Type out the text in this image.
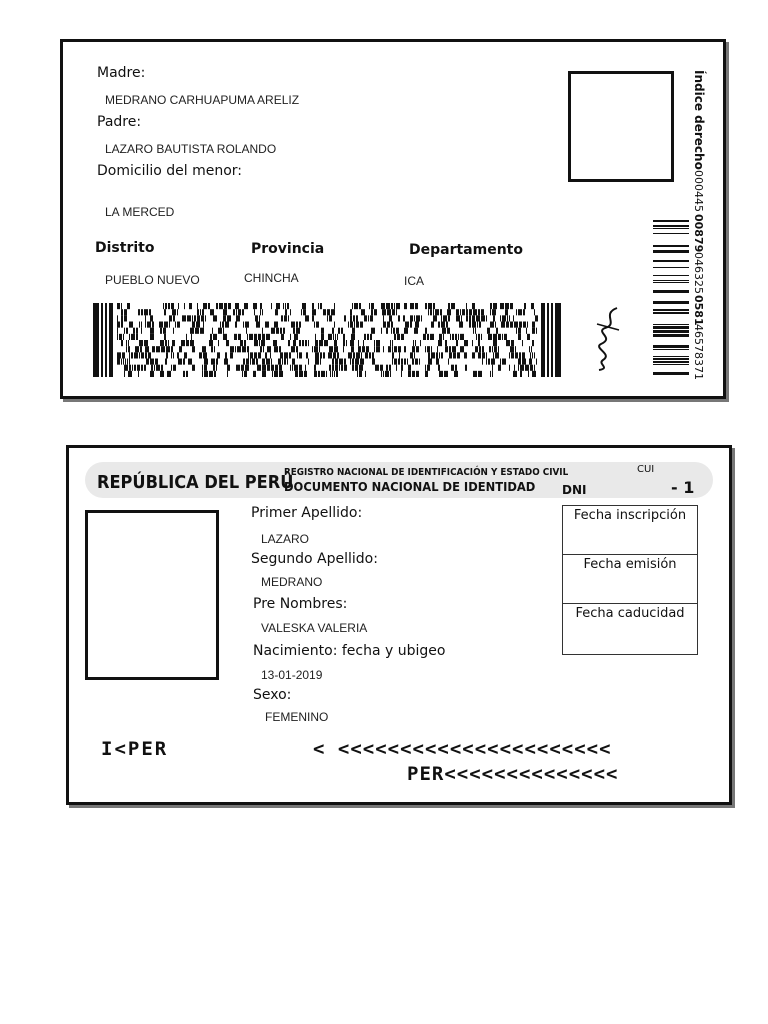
Madre:
MEDRANO CARHUAPUMA ARELIZ
Padre:
LAZARO BAUTISTA ROLANDO
Domicilio del menor:
LA MERCED
Distrito	Provincia	Departamento
PUEBLO NUEVO	CHINCHA	ICA
Índice derecho
000445
00879
046325
0581
46578371
REPÚBLICA DEL PERÚ
REGISTRO NACIONAL DE IDENTIFICACIÓN Y ESTADO CIVIL
DOCUMENTO NACIONAL DE IDENTIDAD
CUI
DNI	- 1
Primer Apellido:
LAZARO
Segundo Apellido:
MEDRANO
Pre Nombres:
VALESKA VALERIA
Nacimiento: fecha y ubigeo
13-01-2019
Sexo:
FEMENINO
Fecha inscripción
Fecha emisión
Fecha caducidad
I<PER	< <<<<<<<<<<<<<<<<<<<<<<
PER<<<<<<<<<<<<<<
